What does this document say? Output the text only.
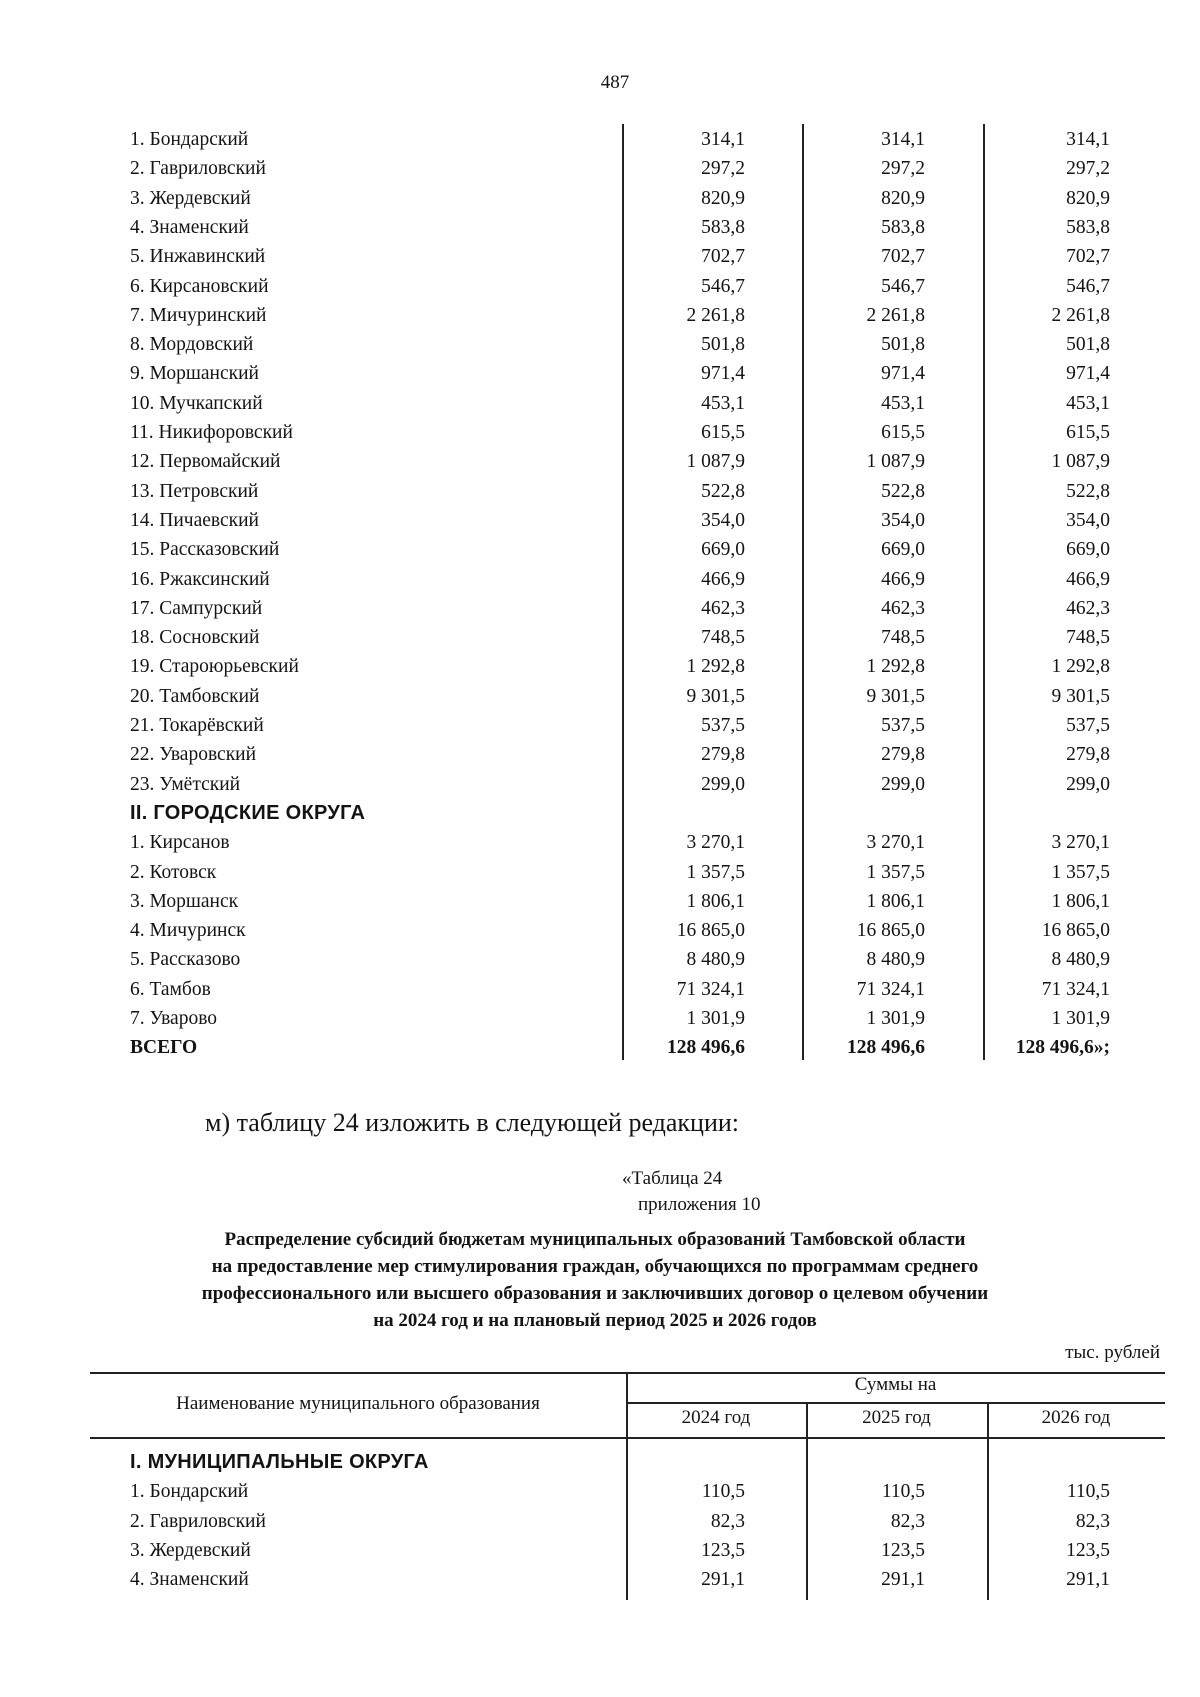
487
1. Бондарский	314,1	314,1	314,1
2. Гавриловский	297,2	297,2	297,2
3. Жердевский	820,9	820,9	820,9
4. Знаменский	583,8	583,8	583,8
5. Инжавинский	702,7	702,7	702,7
6. Кирсановский	546,7	546,7	546,7
7. Мичуринский	2 261,8	2 261,8	2 261,8
8. Мордовский	501,8	501,8	501,8
9. Моршанский	971,4	971,4	971,4
10. Мучкапский	453,1	453,1	453,1
11. Никифоровский	615,5	615,5	615,5
12. Первомайский	1 087,9	1 087,9	1 087,9
13. Петровский	522,8	522,8	522,8
14. Пичаевский	354,0	354,0	354,0
15. Рассказовский	669,0	669,0	669,0
16. Ржаксинский	466,9	466,9	466,9
17. Сампурский	462,3	462,3	462,3
18. Сосновский	748,5	748,5	748,5
19. Староюрьевский	1 292,8	1 292,8	1 292,8
20. Тамбовский	9 301,5	9 301,5	9 301,5
21. Токарёвский	537,5	537,5	537,5
22. Уваровский	279,8	279,8	279,8
23. Умётский	299,0	299,0	299,0
II. ГОРОДСКИЕ ОКРУГА
1. Кирсанов	3 270,1	3 270,1	3 270,1
2. Котовск	1 357,5	1 357,5	1 357,5
3. Моршанск	1 806,1	1 806,1	1 806,1
4. Мичуринск	16 865,0	16 865,0	16 865,0
5. Рассказово	8 480,9	8 480,9	8 480,9
6. Тамбов	71 324,1	71 324,1	71 324,1
7. Уварово	1 301,9	1 301,9	1 301,9
ВСЕГО	128 496,6	128 496,6	128 496,6»;
м) таблицу 24 изложить в следующей редакции:
«Таблица 24
приложения 10
Распределение субсидий бюджетам муниципальных образований Тамбовской области
на предоставление мер стимулирования граждан, обучающихся по программам среднего
профессионального или высшего образования и заключивших договор о целевом обучении
на 2024 год и на плановый период 2025 и 2026 годов
тыс. рублей
Наименование муниципального образования
Суммы на
2024 год	2025 год	2026 год
I. МУНИЦИПАЛЬНЫЕ ОКРУГА
1. Бондарский	110,5	110,5	110,5
2. Гавриловский	82,3	82,3	82,3
3. Жердевский	123,5	123,5	123,5
4. Знаменский	291,1	291,1	291,1
